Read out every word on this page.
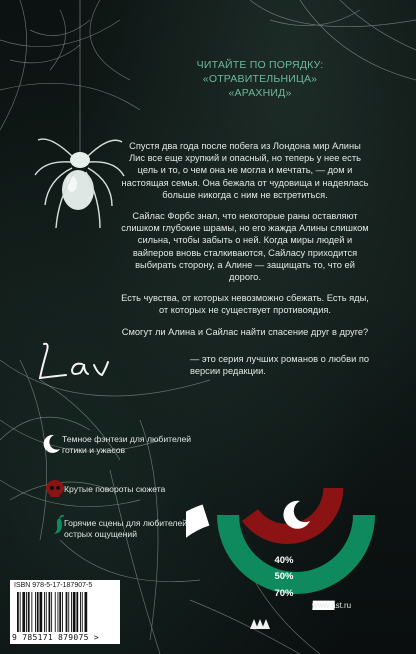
ЧИТАЙТЕ ПО ПОРЯДКУ:
«ОТРАВИТЕЛЬНИЦА»
«АРАХНИД»

Спустя два года после побега из Лондона мир Алины Лис все еще хрупкий и опасный, но теперь у нее есть цель и то, о чем она не могла и мечтать, — дом и настоящая семья. Она бежала от чудовища и надеялась больше никогда с ним не встретиться.

Сайлас Форбс знал, что некоторые раны оставляют слишком глубокие шрамы, но его жажда Алины слишком сильна, чтобы забыть о ней. Когда миры людей и вайперов вновь сталкиваются, Сайласу приходится выбирать сторону, а Алине — защищать то, что ей дорого.

Есть чувства, от которых невозможно сбежать. Есть яды, от которых не существует противоядия.

Смогут ли Алина и Сайлас найти спасение друг в друге?

— это серия лучших романов о любви по версии редакции.
Темное фэнтези для любителей готики и ужасов
Крутые повороты сюжета
Горячие сцены для любителей острых ощущений
40%
50%
70%
ISBN 978-5-17-187907-5
9 785171 879075 >
www.ast.ru
